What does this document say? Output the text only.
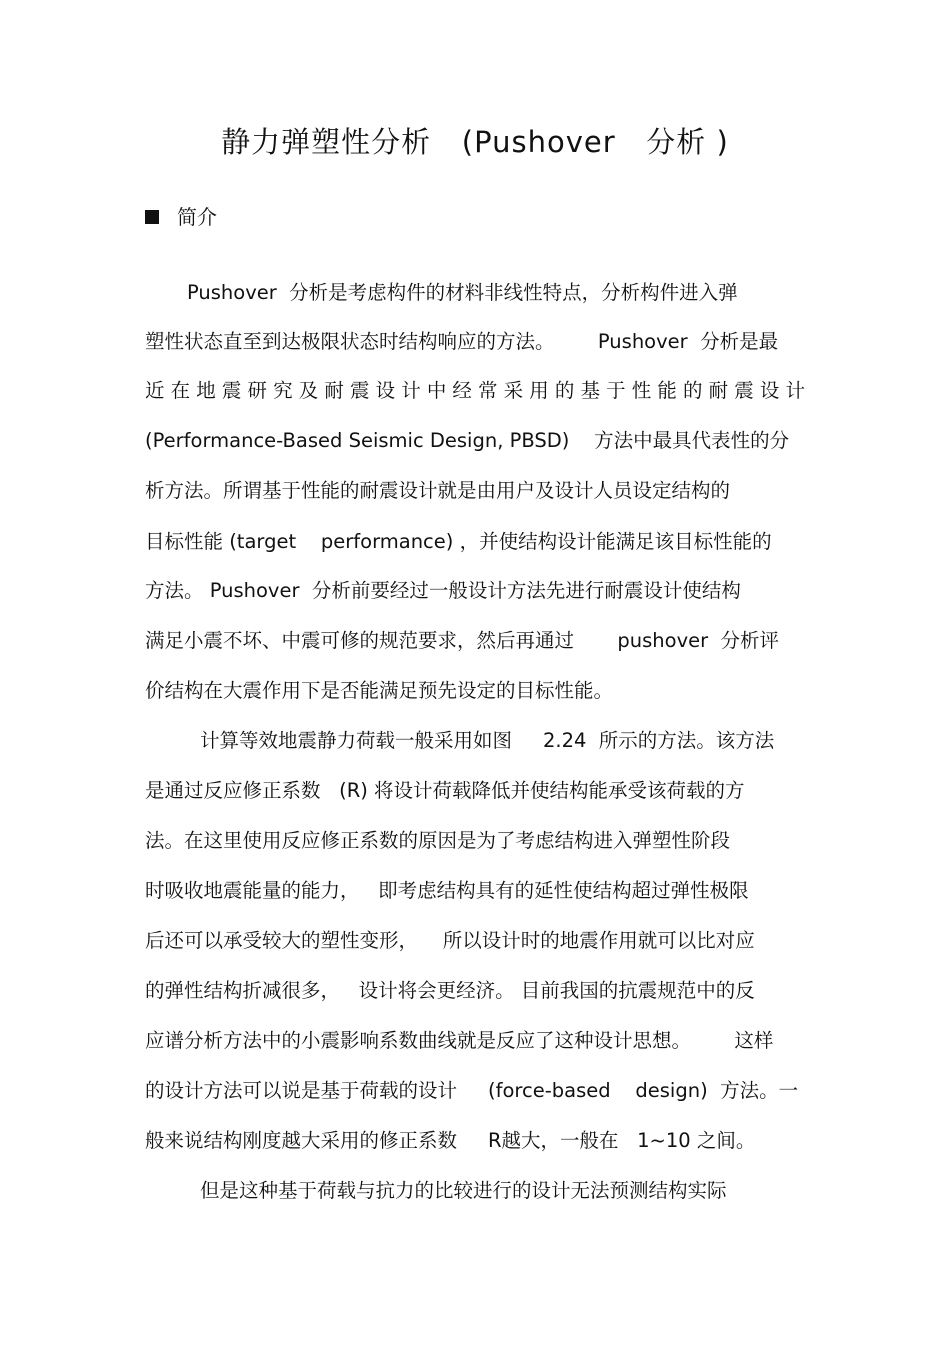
静力弹塑性分析   (Pushover   分析 )
简介
Pushover  分析是考虑构件的材料非线性特点，分析构件进入弹
塑性状态直至到达极限状态时结构响应的方法。       Pushover  分析是最
近在地震研究及耐震设计中经常采用的基于性能的耐震设计
(Performance-Based Seismic Design, PBSD)    方法中最具代表性的分
析方法。所谓基于性能的耐震设计就是由用户及设计人员设定结构的
目标性能 (target    performance) ，并使结构设计能满足该目标性能的
方法。 Pushover  分析前要经过一般设计方法先进行耐震设计使结构
满足小震不坏、中震可修的规范要求，然后再通过       pushover  分析评
价结构在大震作用下是否能满足预先设定的目标性能。
计算等效地震静力荷载一般采用如图     2.24  所示的方法。该方法
是通过反应修正系数   (R) 将设计荷载降低并使结构能承受该荷载的方
法。在这里使用反应修正系数的原因是为了考虑结构进入弹塑性阶段
时吸收地震能量的能力，   即考虑结构具有的延性使结构超过弹性极限
后还可以承受较大的塑性变形，    所以设计时的地震作用就可以比对应
的弹性结构折减很多，   设计将会更经济。 目前我国的抗震规范中的反
应谱分析方法中的小震影响系数曲线就是反应了这种设计思想。       这样
的设计方法可以说是基于荷载的设计     (force-based    design)  方法。一
般来说结构刚度越大采用的修正系数     R越大，一般在   1~10 之间。
但是这种基于荷载与抗力的比较进行的设计无法预测结构实际
